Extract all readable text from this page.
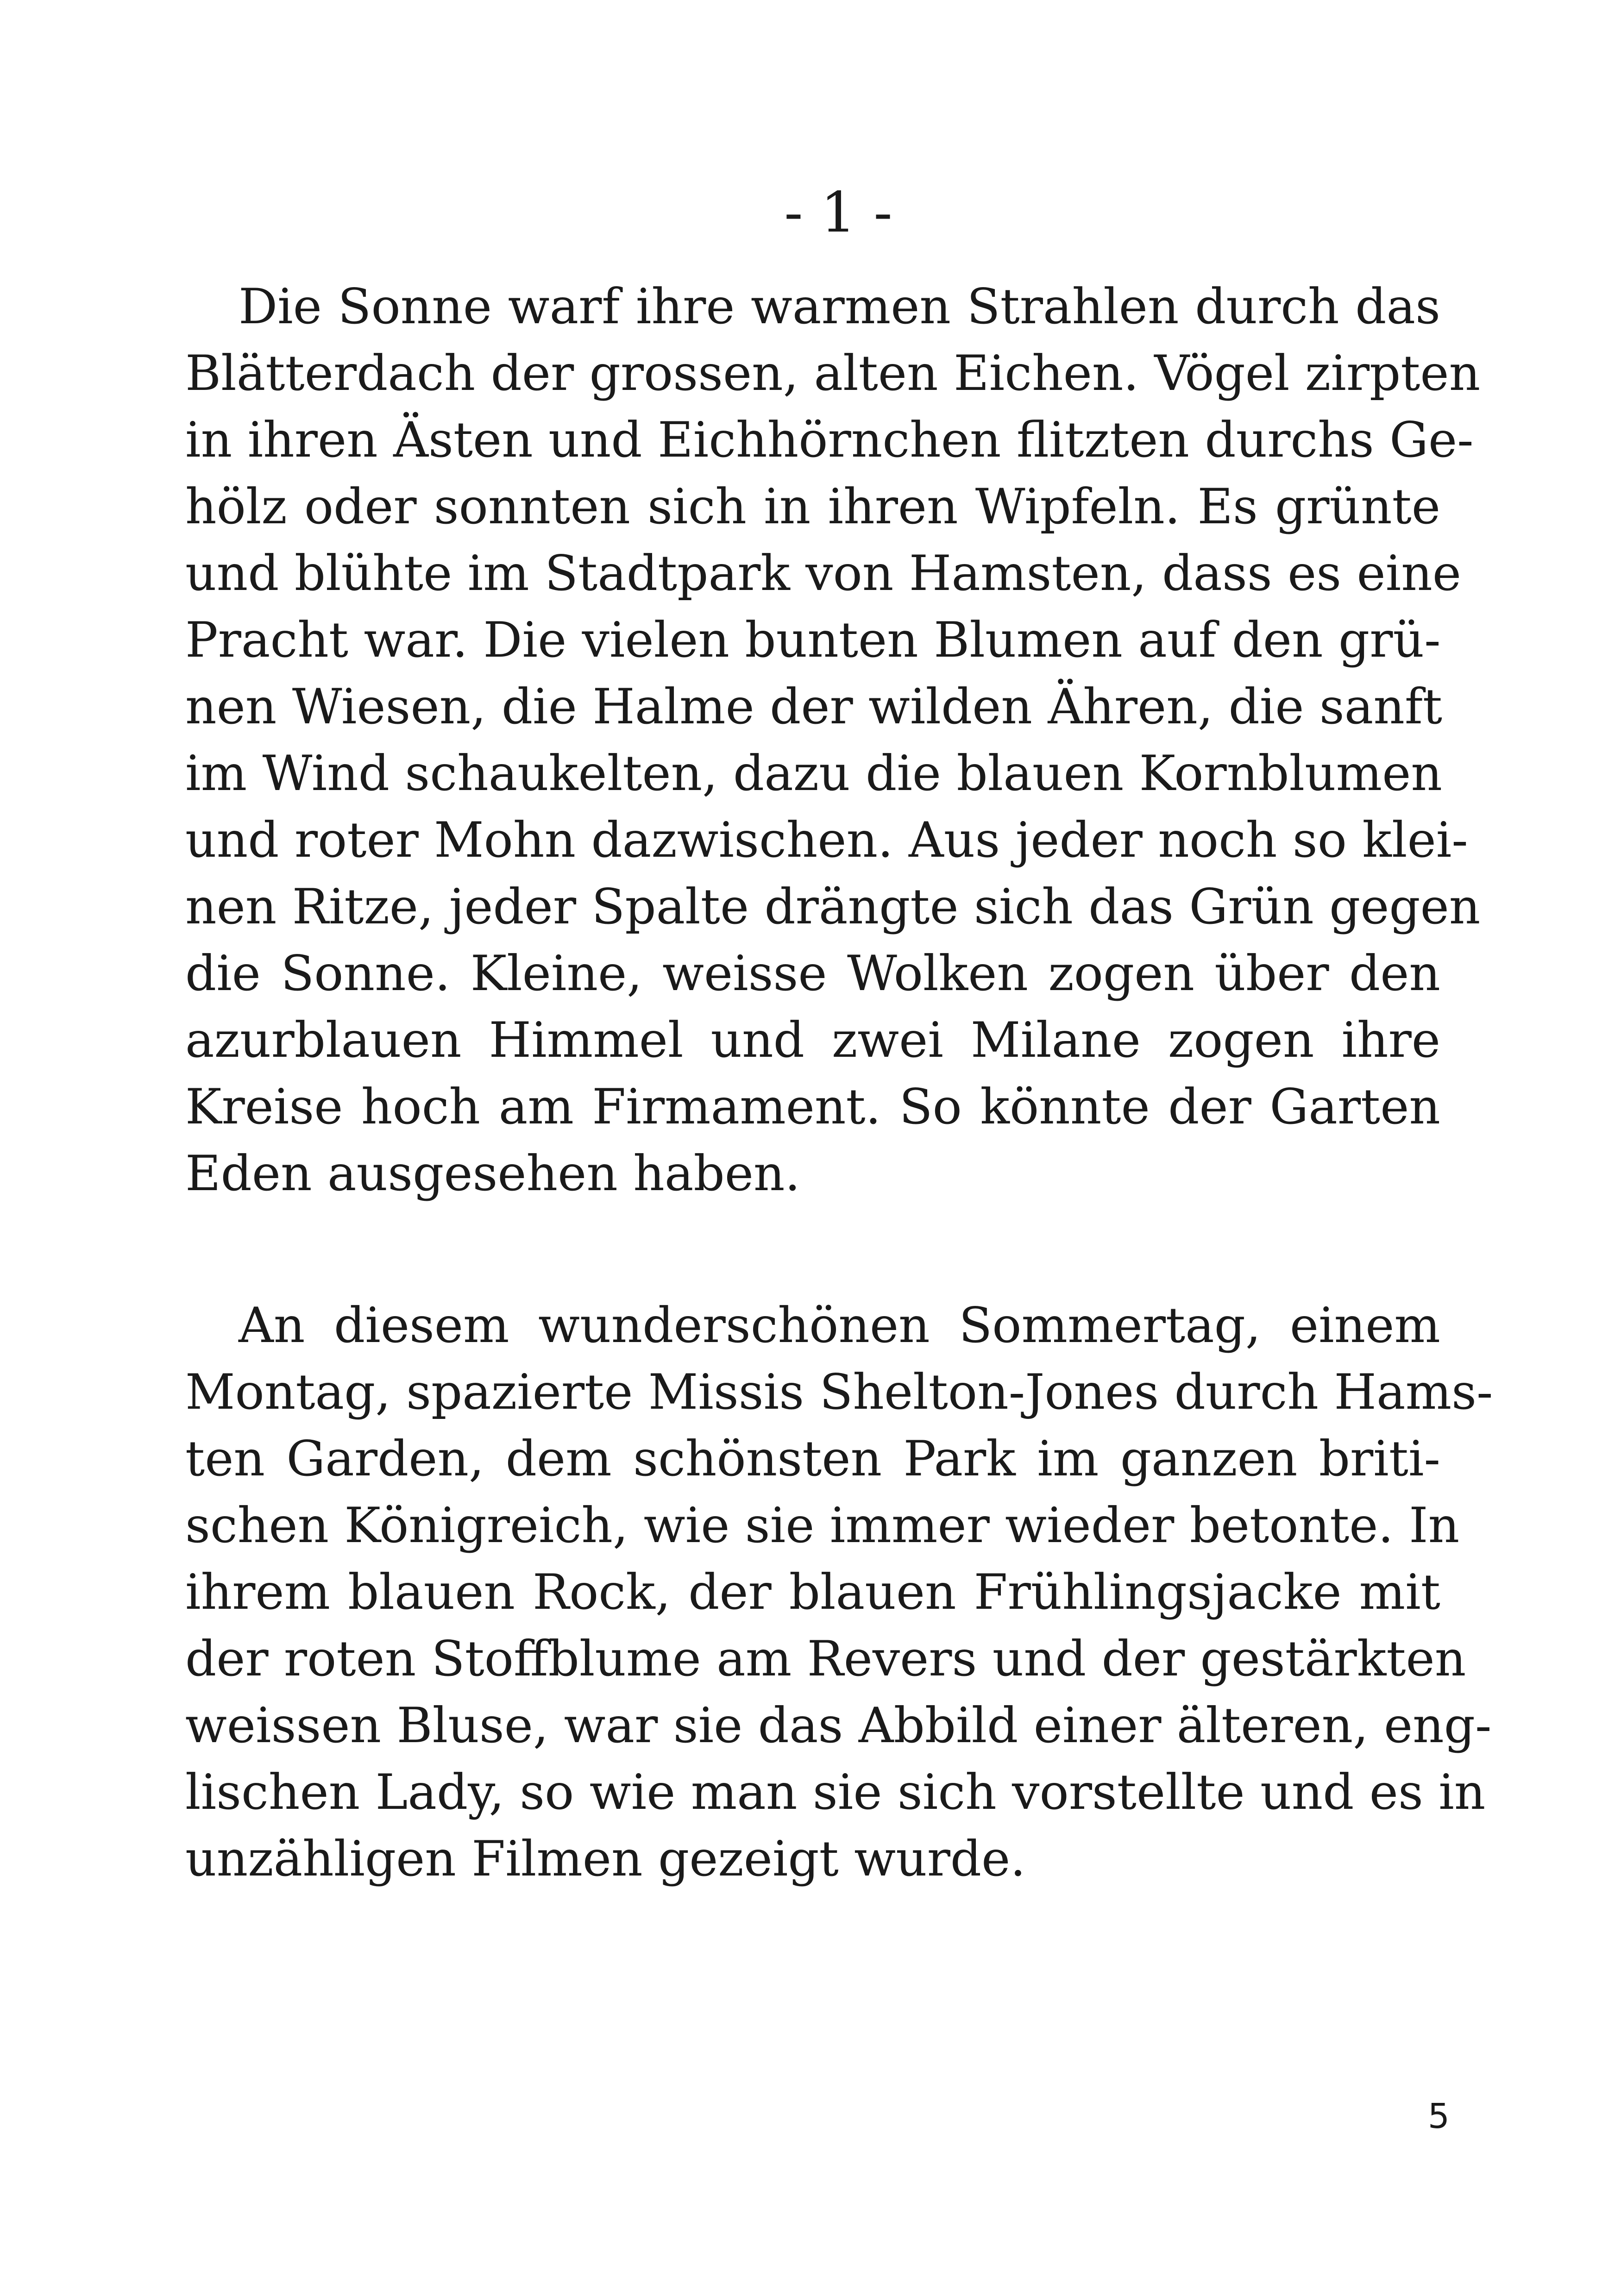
- 1 -
Die Sonne warf ihre warmen Strahlen durch das
Blätterdach der grossen, alten Eichen. Vögel zirpten
in ihren Ästen und Eichhörnchen flitzten durchs Ge-
hölz oder sonnten sich in ihren Wipfeln. Es grünte
und blühte im Stadtpark von Hamsten, dass es eine
Pracht war. Die vielen bunten Blumen auf den grü-
nen Wiesen, die Halme der wilden Ähren, die sanft
im Wind schaukelten, dazu die blauen Kornblumen
und roter Mohn dazwischen. Aus jeder noch so klei-
nen Ritze, jeder Spalte drängte sich das Grün gegen
die Sonne. Kleine, weisse Wolken zogen über den
azurblauen Himmel und zwei Milane zogen ihre
Kreise hoch am Firmament. So könnte der Garten
Eden ausgesehen haben.
An diesem wunderschönen Sommertag, einem
Montag, spazierte Missis Shelton-Jones durch Hams-
ten Garden, dem schönsten Park im ganzen briti-
schen Königreich, wie sie immer wieder betonte. In
ihrem blauen Rock, der blauen Frühlingsjacke mit
der roten Stoffblume am Revers und der gestärkten
weissen Bluse, war sie das Abbild einer älteren, eng-
lischen Lady, so wie man sie sich vorstellte und es in
unzähligen Filmen gezeigt wurde.
5
